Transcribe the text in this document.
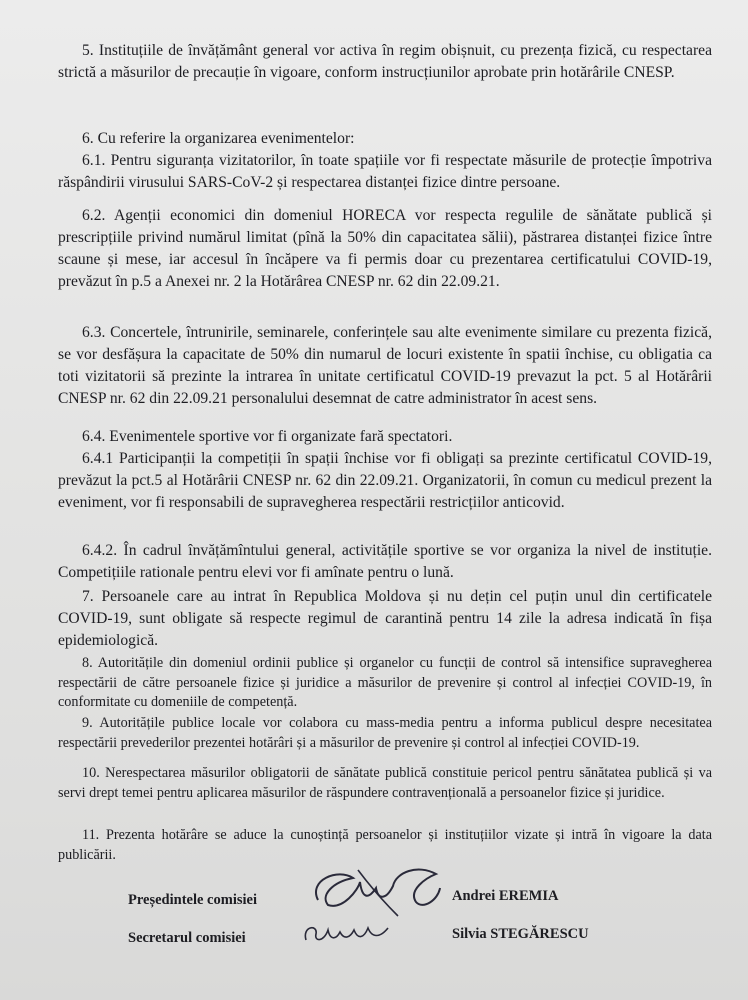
5. Instituțiile de învățământ general vor activa în regim obișnuit, cu prezența fizică, cu respectarea strictă a măsurilor de precauție în vigoare, conform instrucțiunilor aprobate prin hotărârile CNESP.

6. Cu referire la organizarea evenimentelor:

6.1. Pentru siguranța vizitatorilor, în toate spațiile vor fi respectate măsurile de protecție împotriva răspândirii virusului SARS-CoV-2 și respectarea distanței fizice dintre persoane.

6.2. Agenții economici din domeniul HORECA vor respecta regulile de sănătate publică și prescripțiile privind numărul limitat (pînă la 50% din capacitatea sălii), păstrarea distanței fizice între scaune și mese, iar accesul în încăpere va fi permis doar cu prezentarea certificatului COVID-19, prevăzut în p.5 a Anexei nr. 2 la Hotărârea CNESP nr. 62 din 22.09.21.

6.3. Concertele, întrunirile, seminarele, conferințele sau alte evenimente similare cu prezenta fizică, se vor desfășura la capacitate de 50% din numarul de locuri existente în spatii închise, cu obligatia ca toti vizitatorii să prezinte la intrarea în unitate certificatul COVID-19 prevazut la pct. 5 al Hotărârii CNESP nr. 62 din 22.09.21 personalului desemnat de catre administrator în acest sens.

6.4. Evenimentele sportive vor fi organizate fară spectatori.

6.4.1 Participanții la competiții în spații închise vor fi obligați sa prezinte certificatul COVID-19, prevăzut la pct.5 al Hotărârii CNESP nr. 62 din 22.09.21. Organizatorii, în comun cu medicul prezent la eveniment, vor fi responsabili de supravegherea respectării restricțiilor anticovid.

6.4.2. În cadrul învățămîntului general, activitățile sportive se vor organiza la nivel de instituție. Competițiile rationale pentru elevi vor fi amînate pentru o lună.

7. Persoanele care au intrat în Republica Moldova și nu dețin cel puțin unul din certificatele COVID-19, sunt obligate să respecte regimul de carantină pentru 14 zile la adresa indicată în fișa epidemiologică.

8. Autoritățile din domeniul ordinii publice și organelor cu funcții de control să intensifice supravegherea respectării de către persoanele fizice și juridice a măsurilor de prevenire și control al infecției COVID-19, în conformitate cu domeniile de competență.

9. Autoritățile publice locale vor colabora cu mass-media pentru a informa publicul despre necesitatea respectării prevederilor prezentei hotărâri și a măsurilor de prevenire și control al infecției COVID-19.

10. Nerespectarea măsurilor obligatorii de sănătate publică constituie pericol pentru sănătatea publică și va servi drept temei pentru aplicarea măsurilor de răspundere contravențională a persoanelor fizice și juridice.

11. Prezenta hotărâre se aduce la cunoștință persoanelor și instituțiilor vizate și intră în vigoare la data publicării.

Președintele comisiei	Andrei EREMIA
Secretarul comisiei	Silvia STEGĂRESCU
